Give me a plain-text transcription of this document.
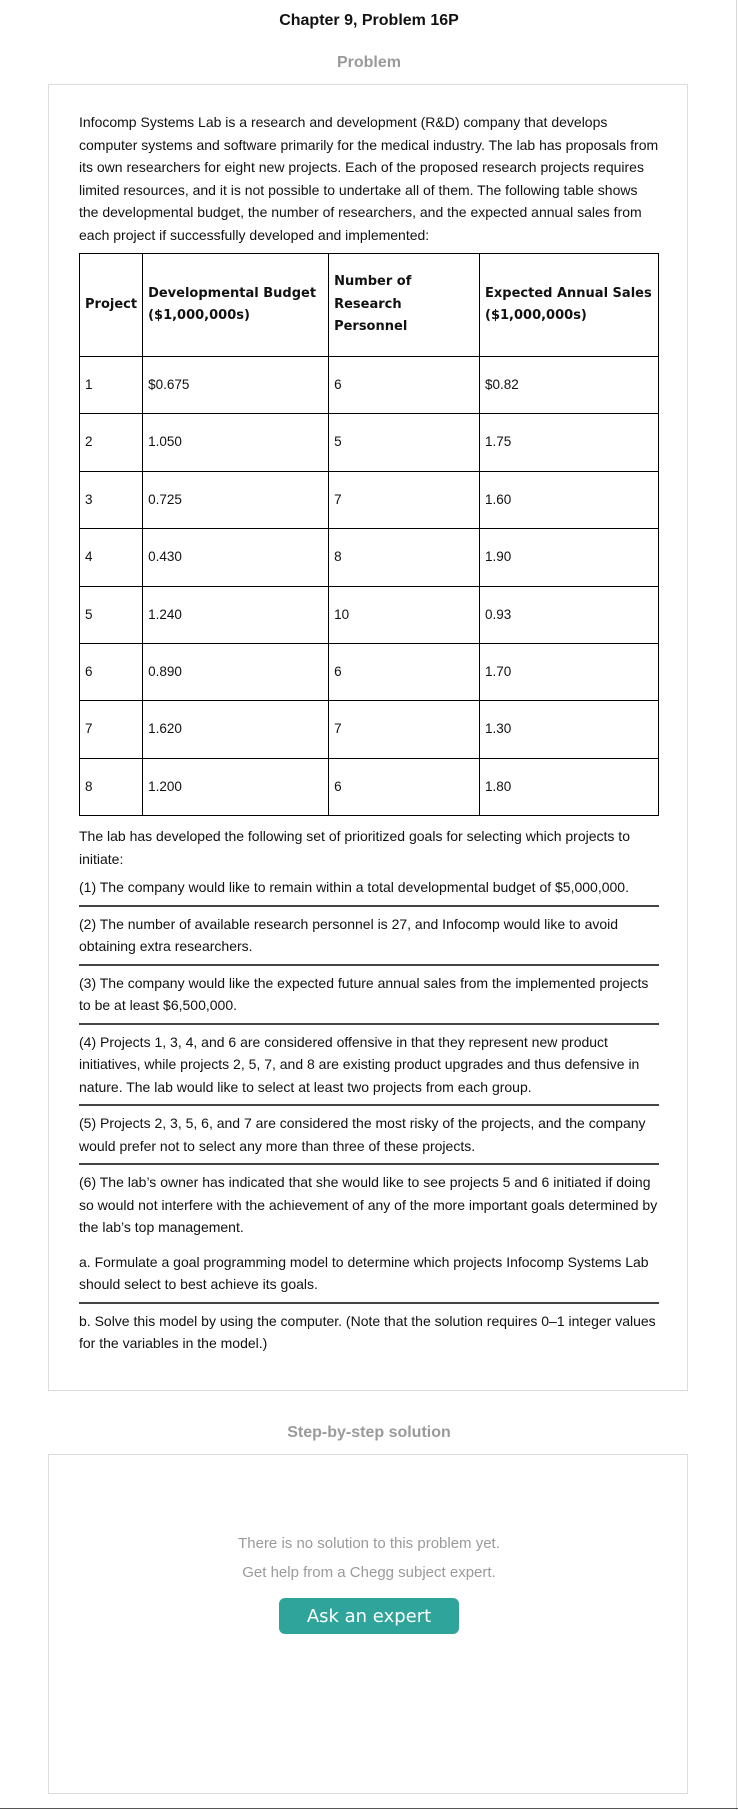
Chapter 9, Problem 16P
Problem

Infocomp Systems Lab is a research and development (R&D) company that develops computer systems and software primarily for the medical industry. The lab has proposals from its own researchers for eight new projects. Each of the proposed research projects requires limited resources, and it is not possible to undertake all of them. The following table shows the developmental budget, the number of researchers, and the expected annual sales from each project if successfully developed and implemented:

Project	Developmental Budget ($1,000,000s)	Number of Research Personnel	Expected Annual Sales ($1,000,000s)
1	$0.675	6	$0.82
2	1.050	5	1.75
3	0.725	7	1.60
4	0.430	8	1.90
5	1.240	10	0.93
6	0.890	6	1.70
7	1.620	7	1.30
8	1.200	6	1.80

The lab has developed the following set of prioritized goals for selecting which projects to initiate:

(1) The company would like to remain within a total developmental budget of $5,000,000.
(2) The number of available research personnel is 27, and Infocomp would like to avoid obtaining extra researchers.
(3) The company would like the expected future annual sales from the implemented projects to be at least $6,500,000.
(4) Projects 1, 3, 4, and 6 are considered offensive in that they represent new product initiatives, while projects 2, 5, 7, and 8 are existing product upgrades and thus defensive in nature. The lab would like to select at least two projects from each group.
(5) Projects 2, 3, 5, 6, and 7 are considered the most risky of the projects, and the company would prefer not to select any more than three of these projects.
(6) The lab’s owner has indicated that she would like to see projects 5 and 6 initiated if doing so would not interfere with the achievement of any of the more important goals determined by the lab’s top management.
a. Formulate a goal programming model to determine which projects Infocomp Systems Lab should select to best achieve its goals.
b. Solve this model by using the computer. (Note that the solution requires 0–1 integer values for the variables in the model.)
Step-by-step solution
There is no solution to this problem yet.
Get help from a Chegg subject expert.
Ask an expert
